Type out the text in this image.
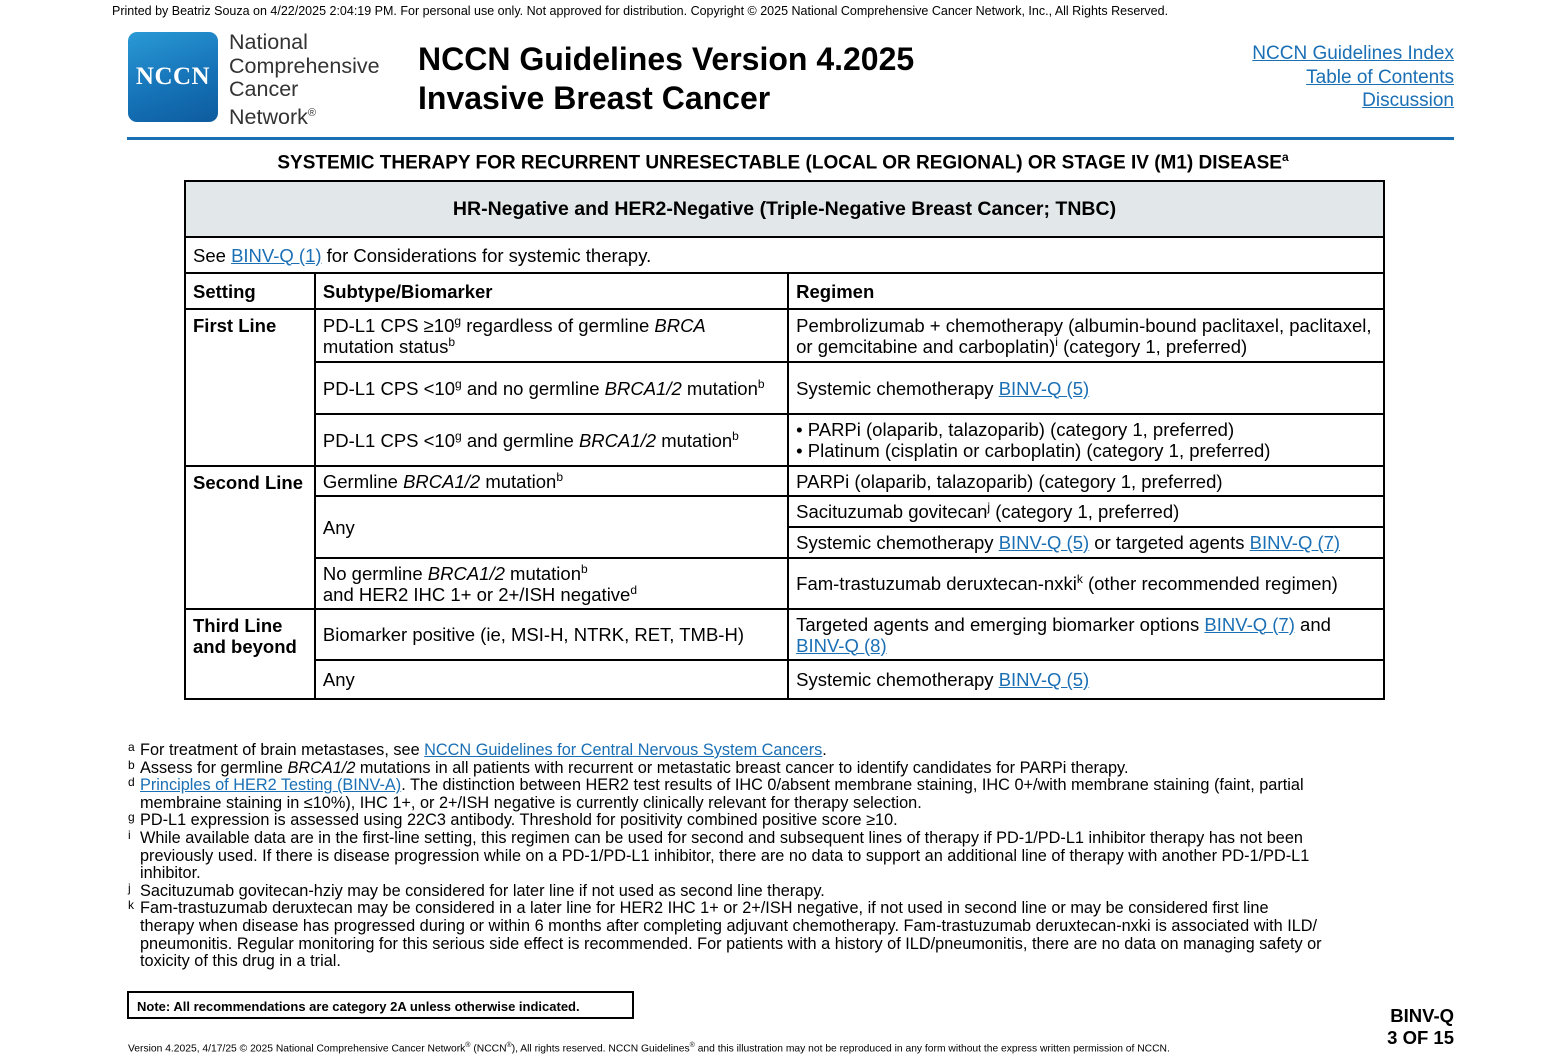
Printed by Beatriz Souza on 4/22/2025 2:04:19 PM. For personal use only. Not approved for distribution. Copyright © 2025 National Comprehensive Cancer Network, Inc., All Rights Reserved.
NCCN
National
Comprehensive
Cancer
Network®
NCCN Guidelines Version 4.2025
Invasive Breast Cancer
NCCN Guidelines Index
Table of Contents
Discussion
SYSTEMIC THERAPY FOR RECURRENT UNRESECTABLE (LOCAL OR REGIONAL) OR STAGE IV (M1) DISEASE$^a$
HR-Negative and HER2-Negative (Triple-Negative Breast Cancer; TNBC)		
See BINV-Q (1) for Considerations for systemic therapy.		
Setting	Subtype/Biomarker	Regimen
First Line	PD-L1 CPS $\ge 10^g$ regardless of germline BRCA mutation status$^b$	Pembrolizumab + chemotherapy (albumin-bound paclitaxel, paclitaxel, or gemcitabine and carboplatin)$^i$ (category 1, preferred)
	PD-L1 CPS $<10^g$ and no germline BRCA1/2 mutation$^b$	Systemic chemotherapy BINV-Q (5)
	PD-L1 CPS $<10^g$ and germline BRCA1/2 mutation$^b$	• PARPi (olaparib, talazoparib) (category 1, preferred)
• Platinum (cisplatin or carboplatin) (category 1, preferred)

Second Line	Germline BRCA1/2 mutation$^b$	PARPi (olaparib, talazoparib) (category 1, preferred)
	Any	Sacituzumab govitecan$^j$ (category 1, preferred)
		Systemic chemotherapy BINV-Q (5) or targeted agents BINV-Q (7)

	No germline BRCA1/2 mutation$^b$
and HER2 IHC 1+ or 2+/ISH negative$^d$	Fam-trastuzumab deruxtecan-nxki$^k$ (other recommended regimen)
Third Line and beyond	Biomarker positive (ie, MSI-H, NTRK, RET, TMB-H)	Targeted agents and emerging biomarker options BINV-Q (7) and BINV-Q (8)
	Any	Systemic chemotherapy BINV-Q (5)
a For treatment of brain metastases, see NCCN Guidelines for Central Nervous System Cancers.
b Assess for germline BRCA1/2 mutations in all patients with recurrent or metastatic breast cancer to identify candidates for PARPi therapy.
d Principles of HER2 Testing (BINV-A). The distinction between HER2 test results of IHC 0/absent membrane staining, IHC 0+/with membrane staining (faint, partial
membraine staining in ≤10%), IHC 1+, or 2+/ISH negative is currently clinically relevant for therapy selection.
g PD-L1 expression is assessed using 22C3 antibody. Threshold for positivity combined positive score ≥10.
i While available data are in the first-line setting, this regimen can be used for second and subsequent lines of therapy if PD-1/PD-L1 inhibitor therapy has not been
previously used. If there is disease progression while on a PD-1/PD-L1 inhibitor, there are no data to support an additional line of therapy with another PD-1/PD-L1
inhibitor.
j Sacituzumab govitecan-hziy may be considered for later line if not used as second line therapy.
k Fam-trastuzumab deruxtecan may be considered in a later line for HER2 IHC 1+ or 2+/ISH negative, if not used in second line or may be considered first line
therapy when disease has progressed during or within 6 months after completing adjuvant chemotherapy. Fam-trastuzumab deruxtecan-nxki is associated with ILD/
pneumonitis. Regular monitoring for this serious side effect is recommended. For patients with a history of ILD/pneumonitis, there are no data on managing safety or
toxicity of this drug in a trial.
Note: All recommendations are category 2A unless otherwise indicated.	BINV-Q
3 OF 15
Version 4.2025, 4/17/25 © 2025 National Comprehensive Cancer Network® (NCCN®), All rights reserved. NCCN Guidelines® and this illustration may not be reproduced in any form without the express written permission of NCCN.
